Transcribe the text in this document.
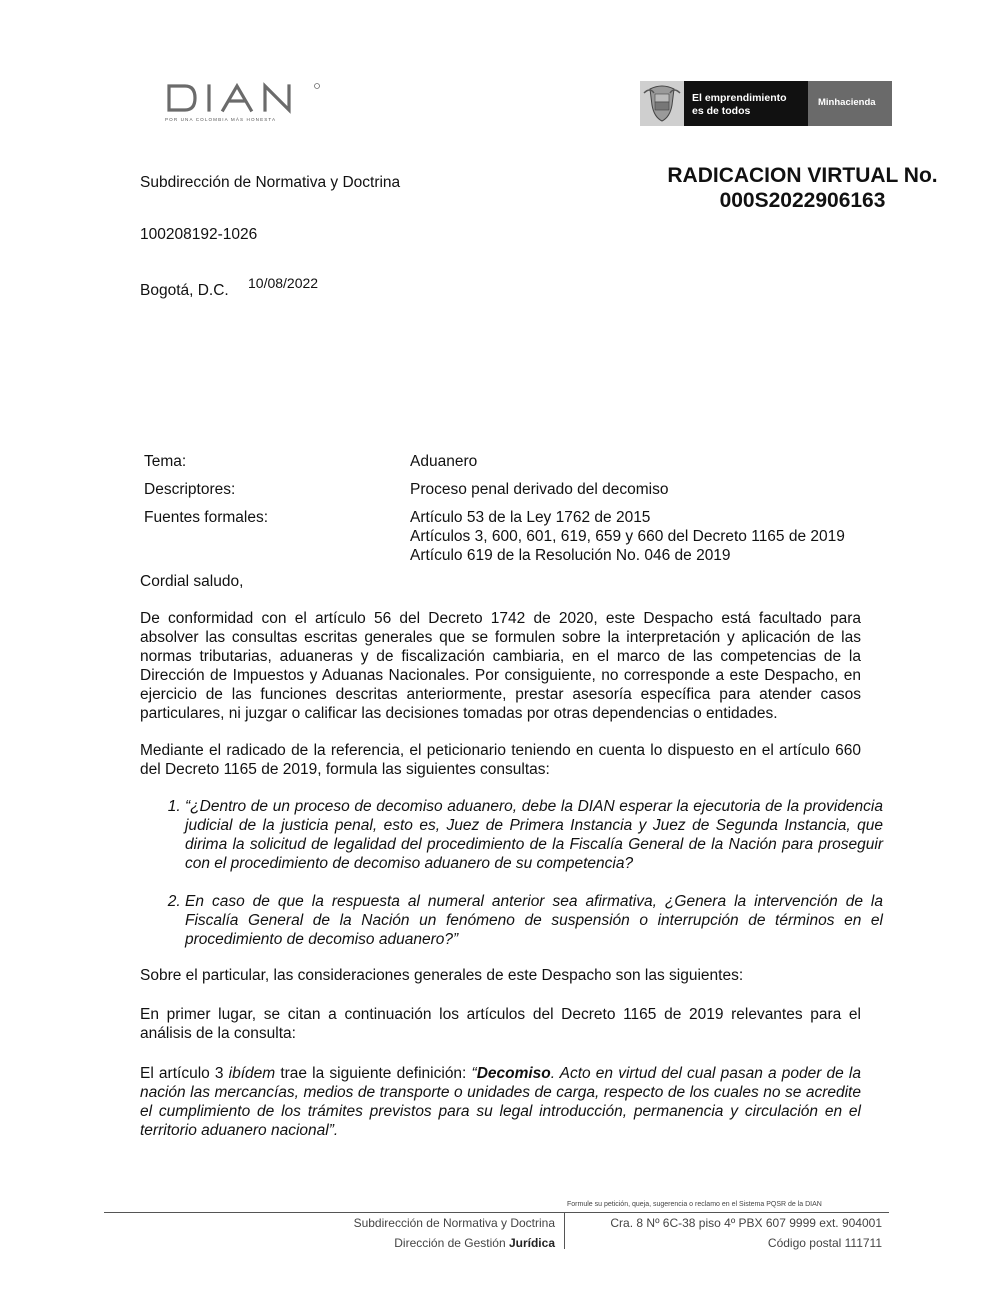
POR UNA COLOMBIA MÁS HONESTA
El emprendimiento
es de todos
Minhacienda
RADICACION VIRTUAL No.
000S2022906163
Subdirección de Normativa y Doctrina
100208192-1026
Bogotá, D.C. 10/08/2022
Tema:	Aduanero
Descriptores:	Proceso penal derivado del decomiso
Fuentes formales:	Artículo 53 de la Ley 1762 de 2015
Artículos 3, 600, 601, 619, 659 y 660 del Decreto 1165 de 2019
Artículo 619 de la Resolución No. 046 de 2019
Cordial saludo,
De conformidad con el artículo 56 del Decreto 1742 de 2020, este Despacho está facultado para absolver las consultas escritas generales que se formulen sobre la interpretación y aplicación de las normas tributarias, aduaneras y de fiscalización cambiaria, en el marco de las competencias de la Dirección de Impuestos y Aduanas Nacionales. Por consiguiente, no corresponde a este Despacho, en ejercicio de las funciones descritas anteriormente, prestar asesoría específica para atender casos particulares, ni juzgar o calificar las decisiones tomadas por otras dependencias o entidades.
Mediante el radicado de la referencia, el peticionario teniendo en cuenta lo dispuesto en el artículo 660 del Decreto 1165 de 2019, formula las siguientes consultas:
1. “¿Dentro de un proceso de decomiso aduanero, debe la DIAN esperar la ejecutoria de la providencia judicial de la justicia penal, esto es, Juez de Primera Instancia y Juez de Segunda Instancia, que dirima la solicitud de legalidad del procedimiento de la Fiscalía General de la Nación para proseguir con el procedimiento de decomiso aduanero de su competencia?
2. En caso de que la respuesta al numeral anterior sea afirmativa, ¿Genera la intervención de la Fiscalía General de la Nación un fenómeno de suspensión o interrupción de términos en el procedimiento de decomiso aduanero?”
Sobre el particular, las consideraciones generales de este Despacho son las siguientes:
En primer lugar, se citan a continuación los artículos del Decreto 1165 de 2019 relevantes para el análisis de la consulta:
El artículo 3 ibídem trae la siguiente definición: “Decomiso. Acto en virtud del cual pasan a poder de la nación las mercancías, medios de transporte o unidades de carga, respecto de los cuales no se acredite el cumplimiento de los trámites previstos para su legal introducción, permanencia y circulación en el territorio aduanero nacional”.
Formule su petición, queja, sugerencia o reclamo en el Sistema PQSR de la DIAN
Subdirección de Normativa y Doctrina
Dirección de Gestión Jurídica
Cra. 8 Nº 6C-38 piso 4º PBX 607 9999 ext. 904001
Código postal 111711
